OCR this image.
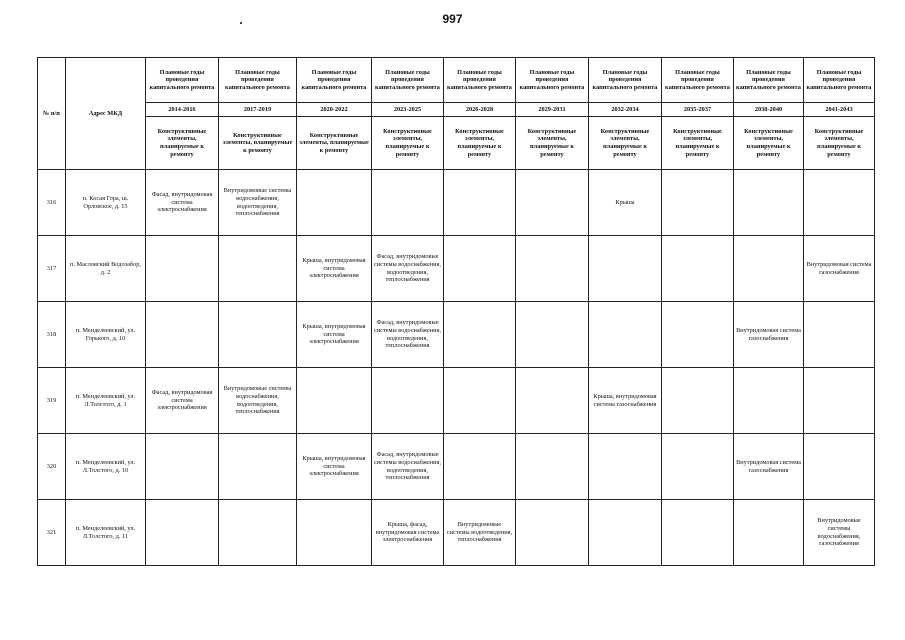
997
№ п/п	Адрес МКД	Плановые годы проведения капитального ремонта	Плановые годы проведения капитального ремонта	Плановые годы проведения капитального ремонта	Плановые годы проведения капитального ремонта	Плановые годы проведения капитального ремонта	Плановые годы проведения капитального ремонта	Плановые годы проведения капитального ремонта	Плановые годы проведения капитального ремонта	Плановые годы проведения капитального ремонта	Плановые годы проведения капитального ремонта
		2014-2016	2017-2019	2020-2022	2023-2025	2026-2028	2029-2031	2032-2034	2035-2037	2038-2040	2041-2043
		Конструктивные элементы, планируемые к ремонту	Конструктивные элементы, планируемые к ремонту	Конструктивные элементы, планируемые к ремонту	Конструктивные элементы, планируемые к ремонту	Конструктивные элементы, планируемые к ремонту	Конструктивные элементы, планируемые к ремонту	Конструктивные элементы, планируемые к ремонту	Конструктивные элементы, планируемые к ремонту	Конструктивные элементы, планируемые к ремонту	Конструктивные элементы, планируемые к ремонту
316	п. Косая Гора, ш. Орловское, д. 15	Фасад, внутридомовая система электроснабжения	Внутридомовые системы водоснабжения, водоотведения, теплоснабжения					Крыша			
317	п. Масловский Водозабор, д. 2			Крыша, внутридомовая система электроснабжения	Фасад, внутридомовые системы водоснабжения, водоотведения, теплоснабжения						Внутридомовая система газоснабжения
318	п. Менделеевский, ул. Горького, д. 10			Крыша, внутридомовая система электроснабжения	Фасад, внутридомовые системы водоснабжения, водоотведения, теплоснабжения					Внутридомовая система газоснабжения	
319	п. Менделеевский, ул. Л.Толстого, д. 1	Фасад, внутридомовая система электроснабжения	Внутридомовые системы водоснабжения, водоотведения, теплоснабжения					Крыша, внутридомовая система газоснабжения			
320	п. Менделеевский, ул. Л.Толстого, д. 10			Крыша, внутридомовая система электроснабжения	Фасад, внутридомовые системы водоснабжения, водоотведения, теплоснабжения					Внутридомовая система газоснабжения	
321	п. Менделеевский, ул. Л.Толстого, д. 11				Крыша, фасад, внутридомовая система электроснабжения	Внутридомовые системы водоотведения, теплоснабжения					Внутридомовые системы водоснабжения, газоснабжения
